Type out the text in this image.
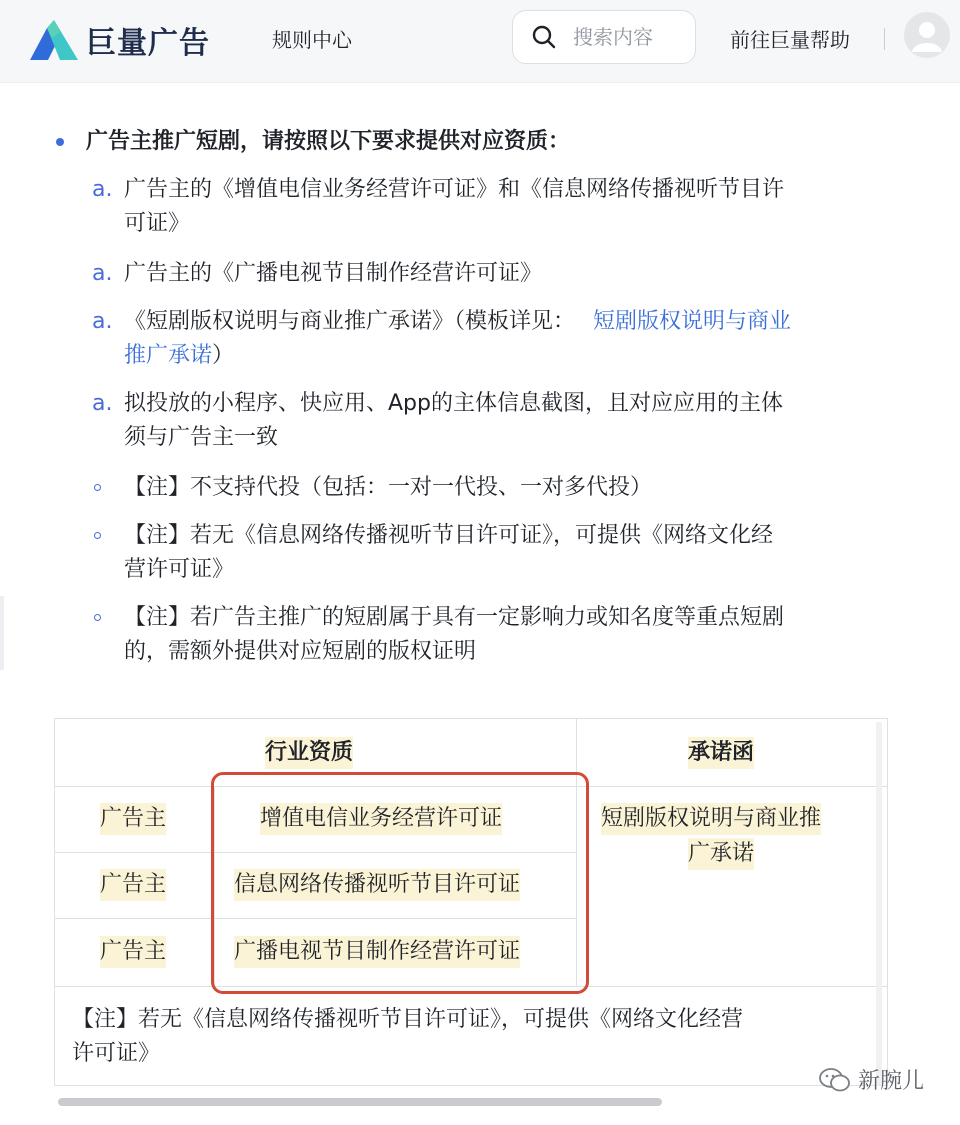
巨量广告	规则中心
搜索内容	前往巨量帮助
广告主推广短剧，请按照以下要求提供对应资质：
a. 广告主的《增值电信业务经营许可证》和《信息网络传播视听节目许
可证》
a. 广告主的《广播电视节目制作经营许可证》
a. 《短剧版权说明与商业推广承诺》（模板详见： 短剧版权说明与商业
推广承诺）
a. 拟投放的小程序、快应用、App的主体信息截图，且对应应用的主体
须与广告主一致
【注】不支持代投（包括：一对一代投、一对多代投）
【注】若无《信息网络传播视听节目许可证》，可提供《网络文化经
营许可证》
【注】若广告主推广的短剧属于具有一定影响力或知名度等重点短剧
的，需额外提供对应短剧的版权证明
行业资质	承诺函
广告主	增值电信业务经营许可证
广告主	信息网络传播视听节目许可证
广告主	广播电视节目制作经营许可证
短剧版权说明与商业推
广承诺
【注】若无《信息网络传播视听节目许可证》，可提供《网络文化经营
许可证》
新腕儿
